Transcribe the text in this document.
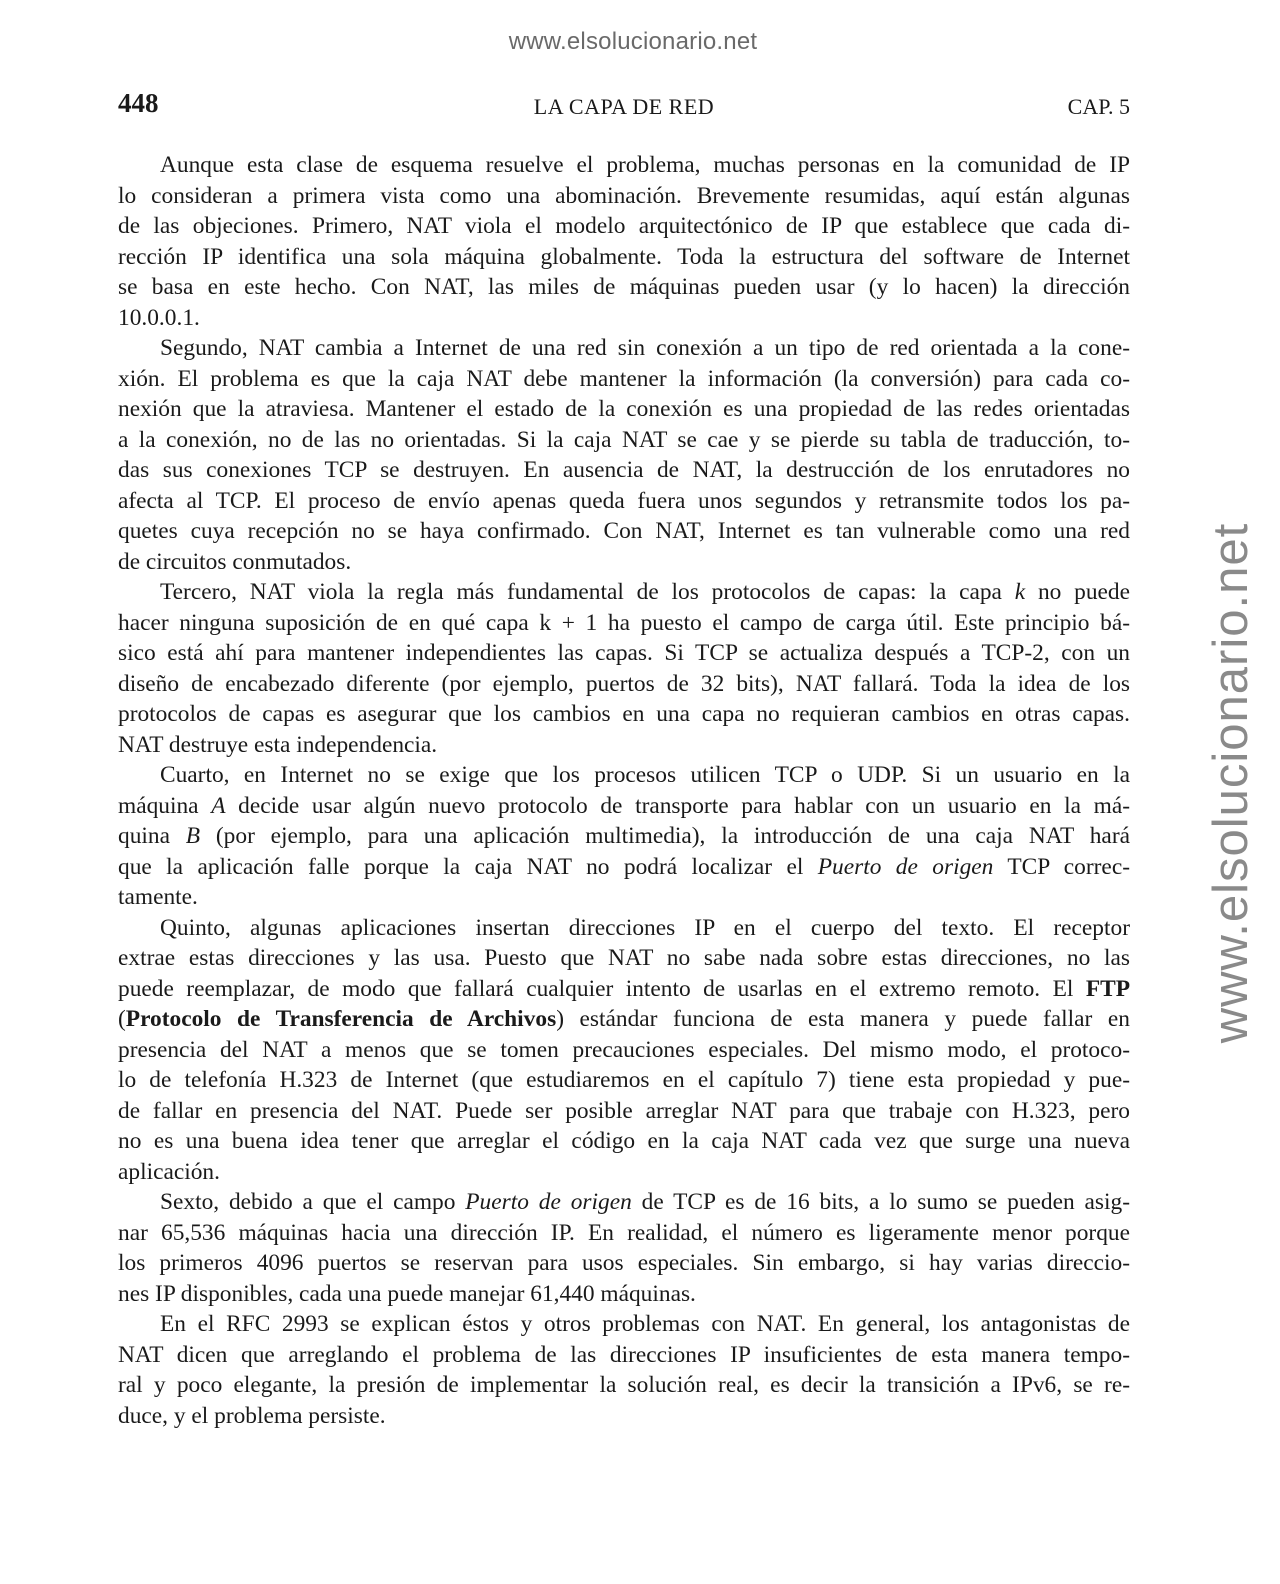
www.elsolucionario.net
www.elsolucionario.net
448	LA CAPA DE RED	CAP. 5

Aunque esta clase de esquema resuelve el problema, muchas personas en la comunidad de IP
lo consideran a primera vista como una abominación. Brevemente resumidas, aquí están algunas
de las objeciones. Primero, NAT viola el modelo arquitectónico de IP que establece que cada di-
rección IP identifica una sola máquina globalmente. Toda la estructura del software de Internet
se basa en este hecho. Con NAT, las miles de máquinas pueden usar (y lo hacen) la dirección
10.0.0.1.

Segundo, NAT cambia a Internet de una red sin conexión a un tipo de red orientada a la cone-
xión. El problema es que la caja NAT debe mantener la información (la conversión) para cada co-
nexión que la atraviesa. Mantener el estado de la conexión es una propiedad de las redes orientadas
a la conexión, no de las no orientadas. Si la caja NAT se cae y se pierde su tabla de traducción, to-
das sus conexiones TCP se destruyen. En ausencia de NAT, la destrucción de los enrutadores no
afecta al TCP. El proceso de envío apenas queda fuera unos segundos y retransmite todos los pa-
quetes cuya recepción no se haya confirmado. Con NAT, Internet es tan vulnerable como una red
de circuitos conmutados.

Tercero, NAT viola la regla más fundamental de los protocolos de capas: la capa k no puede
hacer ninguna suposición de en qué capa k + 1 ha puesto el campo de carga útil. Este principio bá-
sico está ahí para mantener independientes las capas. Si TCP se actualiza después a TCP-2, con un
diseño de encabezado diferente (por ejemplo, puertos de 32 bits), NAT fallará. Toda la idea de los
protocolos de capas es asegurar que los cambios en una capa no requieran cambios en otras capas.
NAT destruye esta independencia.

Cuarto, en Internet no se exige que los procesos utilicen TCP o UDP. Si un usuario en la
máquina A decide usar algún nuevo protocolo de transporte para hablar con un usuario en la má-
quina B (por ejemplo, para una aplicación multimedia), la introducción de una caja NAT hará
que la aplicación falle porque la caja NAT no podrá localizar el Puerto de origen TCP correc-
tamente.

Quinto, algunas aplicaciones insertan direcciones IP en el cuerpo del texto. El receptor
extrae estas direcciones y las usa. Puesto que NAT no sabe nada sobre estas direcciones, no las
puede reemplazar, de modo que fallará cualquier intento de usarlas en el extremo remoto. El FTP
(Protocolo de Transferencia de Archivos) estándar funciona de esta manera y puede fallar en
presencia del NAT a menos que se tomen precauciones especiales. Del mismo modo, el protoco-
lo de telefonía H.323 de Internet (que estudiaremos en el capítulo 7) tiene esta propiedad y pue-
de fallar en presencia del NAT. Puede ser posible arreglar NAT para que trabaje con H.323, pero
no es una buena idea tener que arreglar el código en la caja NAT cada vez que surge una nueva
aplicación.

Sexto, debido a que el campo Puerto de origen de TCP es de 16 bits, a lo sumo se pueden asig-
nar 65,536 máquinas hacia una dirección IP. En realidad, el número es ligeramente menor porque
los primeros 4096 puertos se reservan para usos especiales. Sin embargo, si hay varias direccio-
nes IP disponibles, cada una puede manejar 61,440 máquinas.

En el RFC 2993 se explican éstos y otros problemas con NAT. En general, los antagonistas de
NAT dicen que arreglando el problema de las direcciones IP insuficientes de esta manera tempo-
ral y poco elegante, la presión de implementar la solución real, es decir la transición a IPv6, se re-
duce, y el problema persiste.
